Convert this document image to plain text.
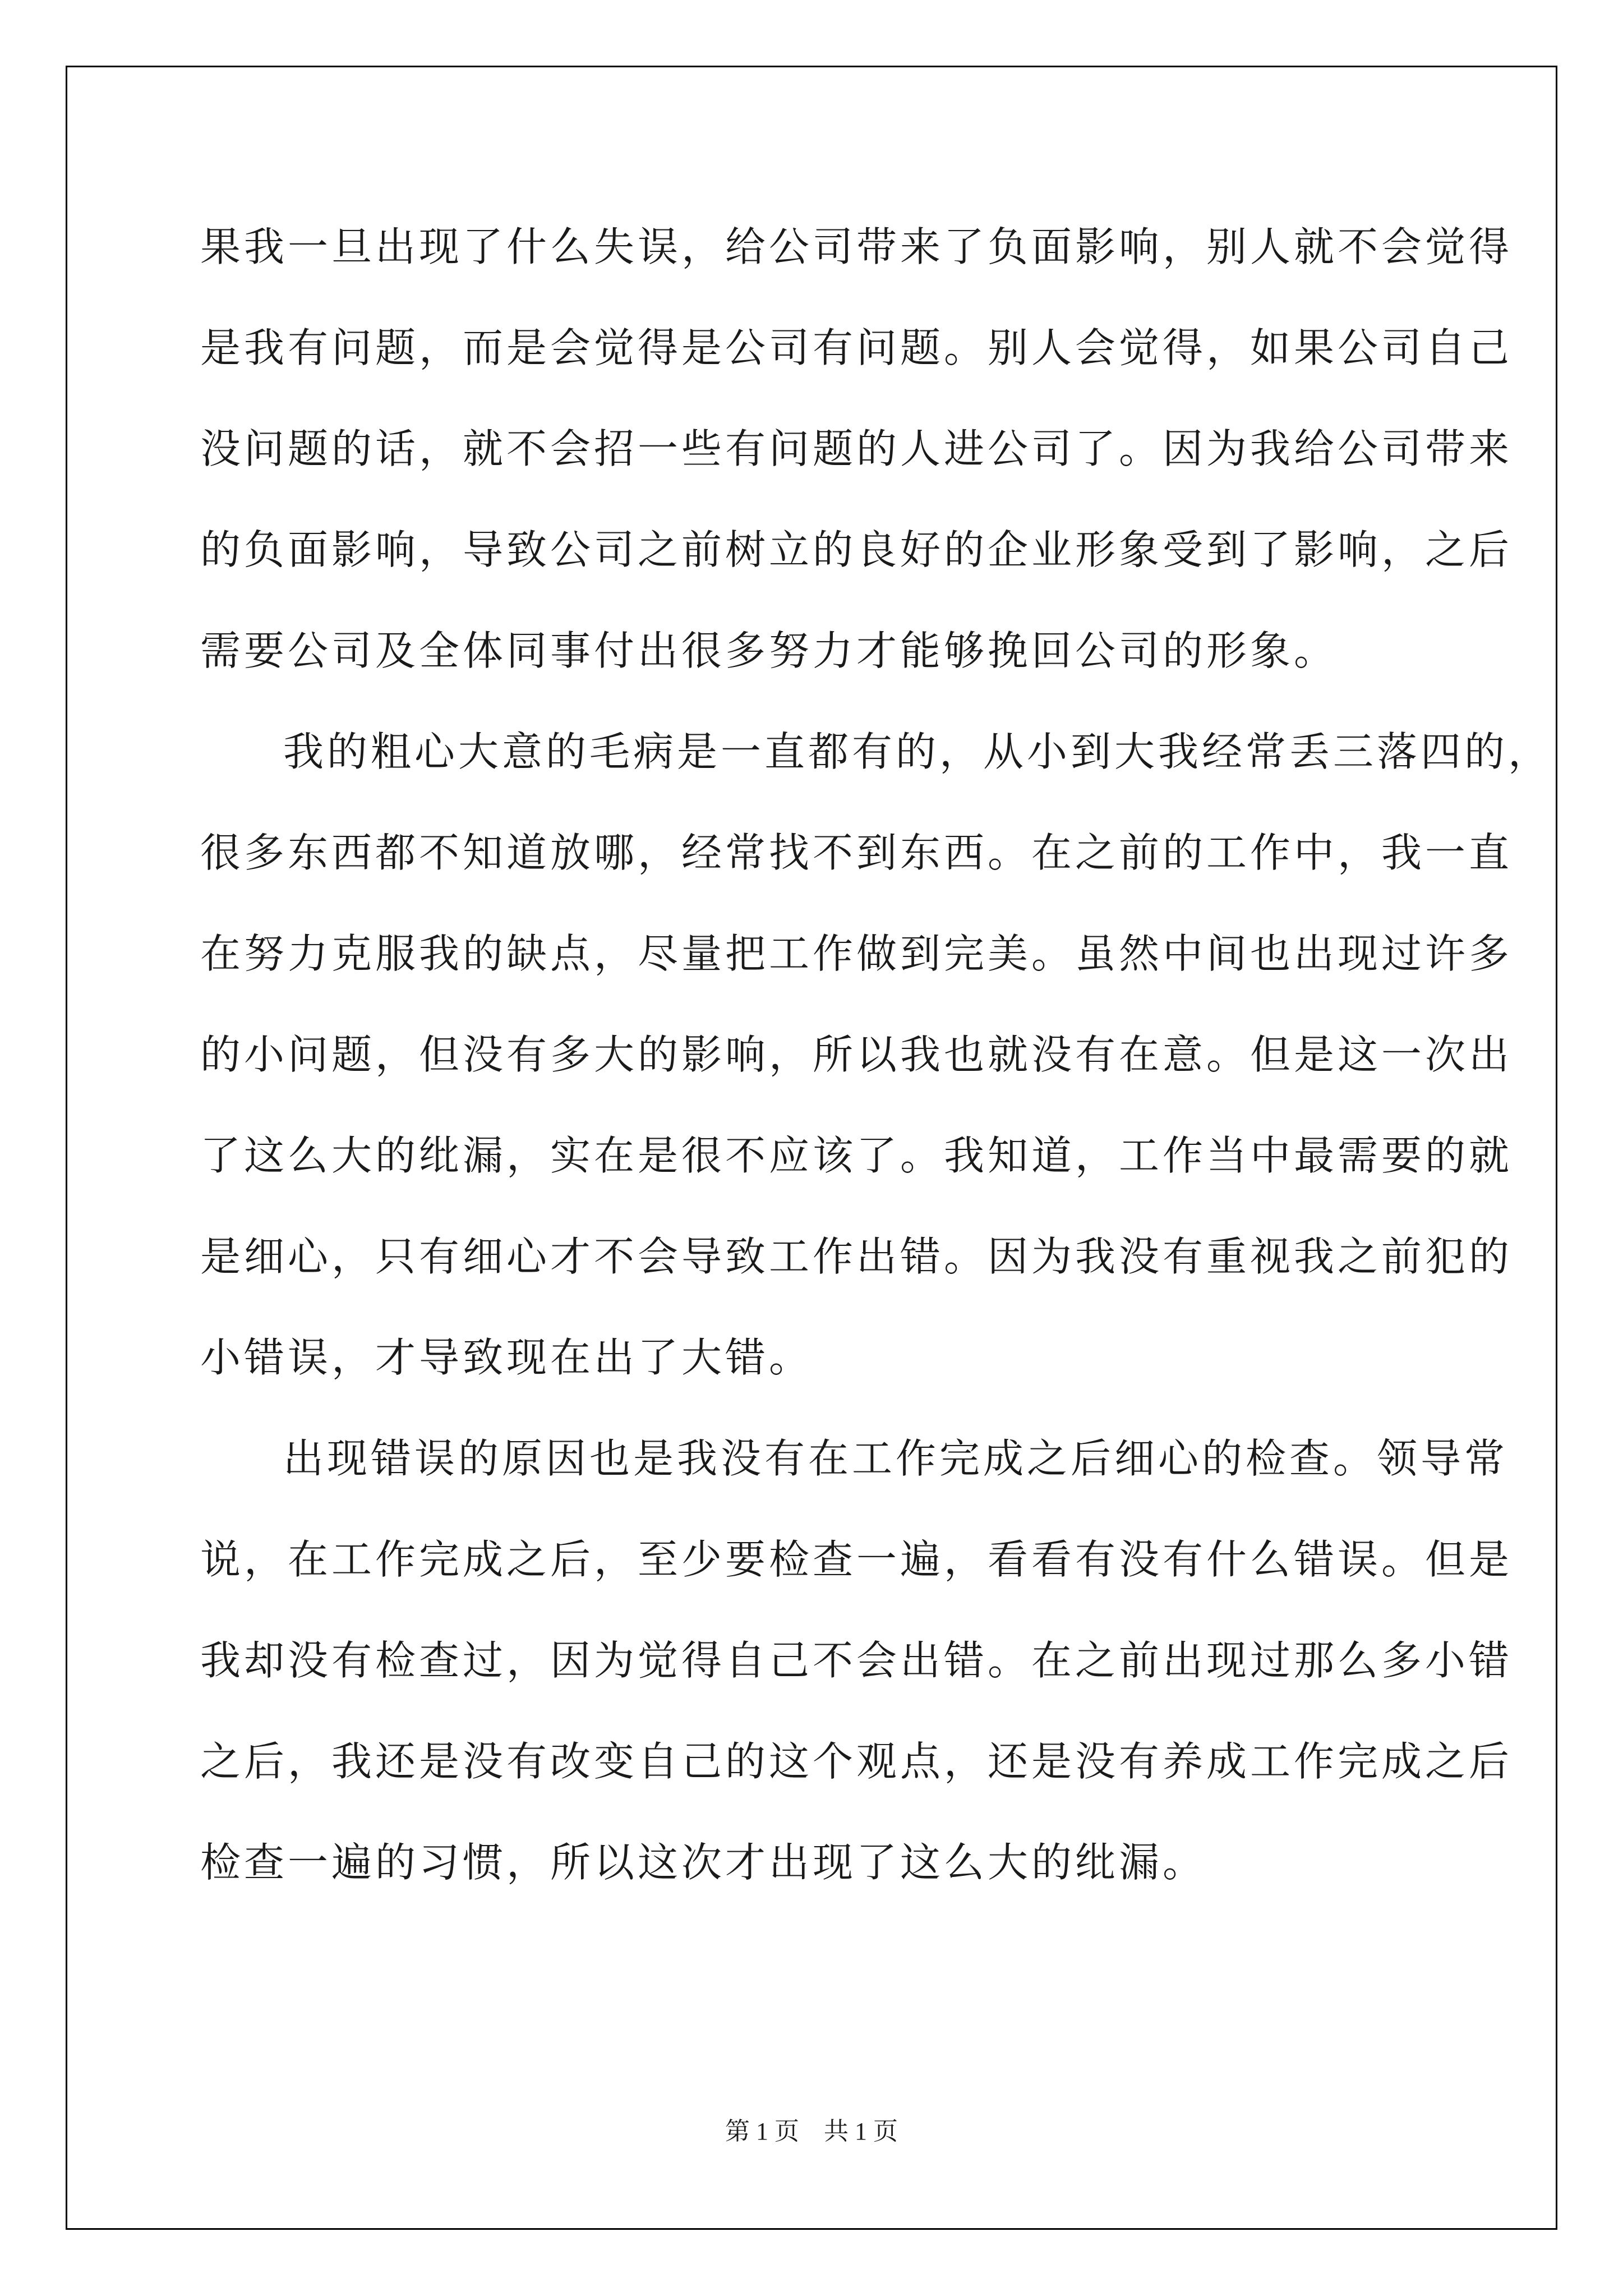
果我一旦出现了什么失误，给公司带来了负面影响，别人就不会觉得
是我有问题，而是会觉得是公司有问题。别人会觉得，如果公司自己
没问题的话，就不会招一些有问题的人进公司了。因为我给公司带来
的负面影响，导致公司之前树立的良好的企业形象受到了影响，之后
需要公司及全体同事付出很多努力才能够挽回公司的形象。
我的粗心大意的毛病是一直都有的，从小到大我经常丢三落四的，
很多东西都不知道放哪，经常找不到东西。在之前的工作中，我一直
在努力克服我的缺点，尽量把工作做到完美。虽然中间也出现过许多
的小问题，但没有多大的影响，所以我也就没有在意。但是这一次出
了这么大的纰漏，实在是很不应该了。我知道，工作当中最需要的就
是细心，只有细心才不会导致工作出错。因为我没有重视我之前犯的
小错误，才导致现在出了大错。
出现错误的原因也是我没有在工作完成之后细心的检查。领导常
说，在工作完成之后，至少要检查一遍，看看有没有什么错误。但是
我却没有检查过，因为觉得自己不会出错。在之前出现过那么多小错
之后，我还是没有改变自己的这个观点，还是没有养成工作完成之后
检查一遍的习惯，所以这次才出现了这么大的纰漏。
第 1 页　共 1 页
